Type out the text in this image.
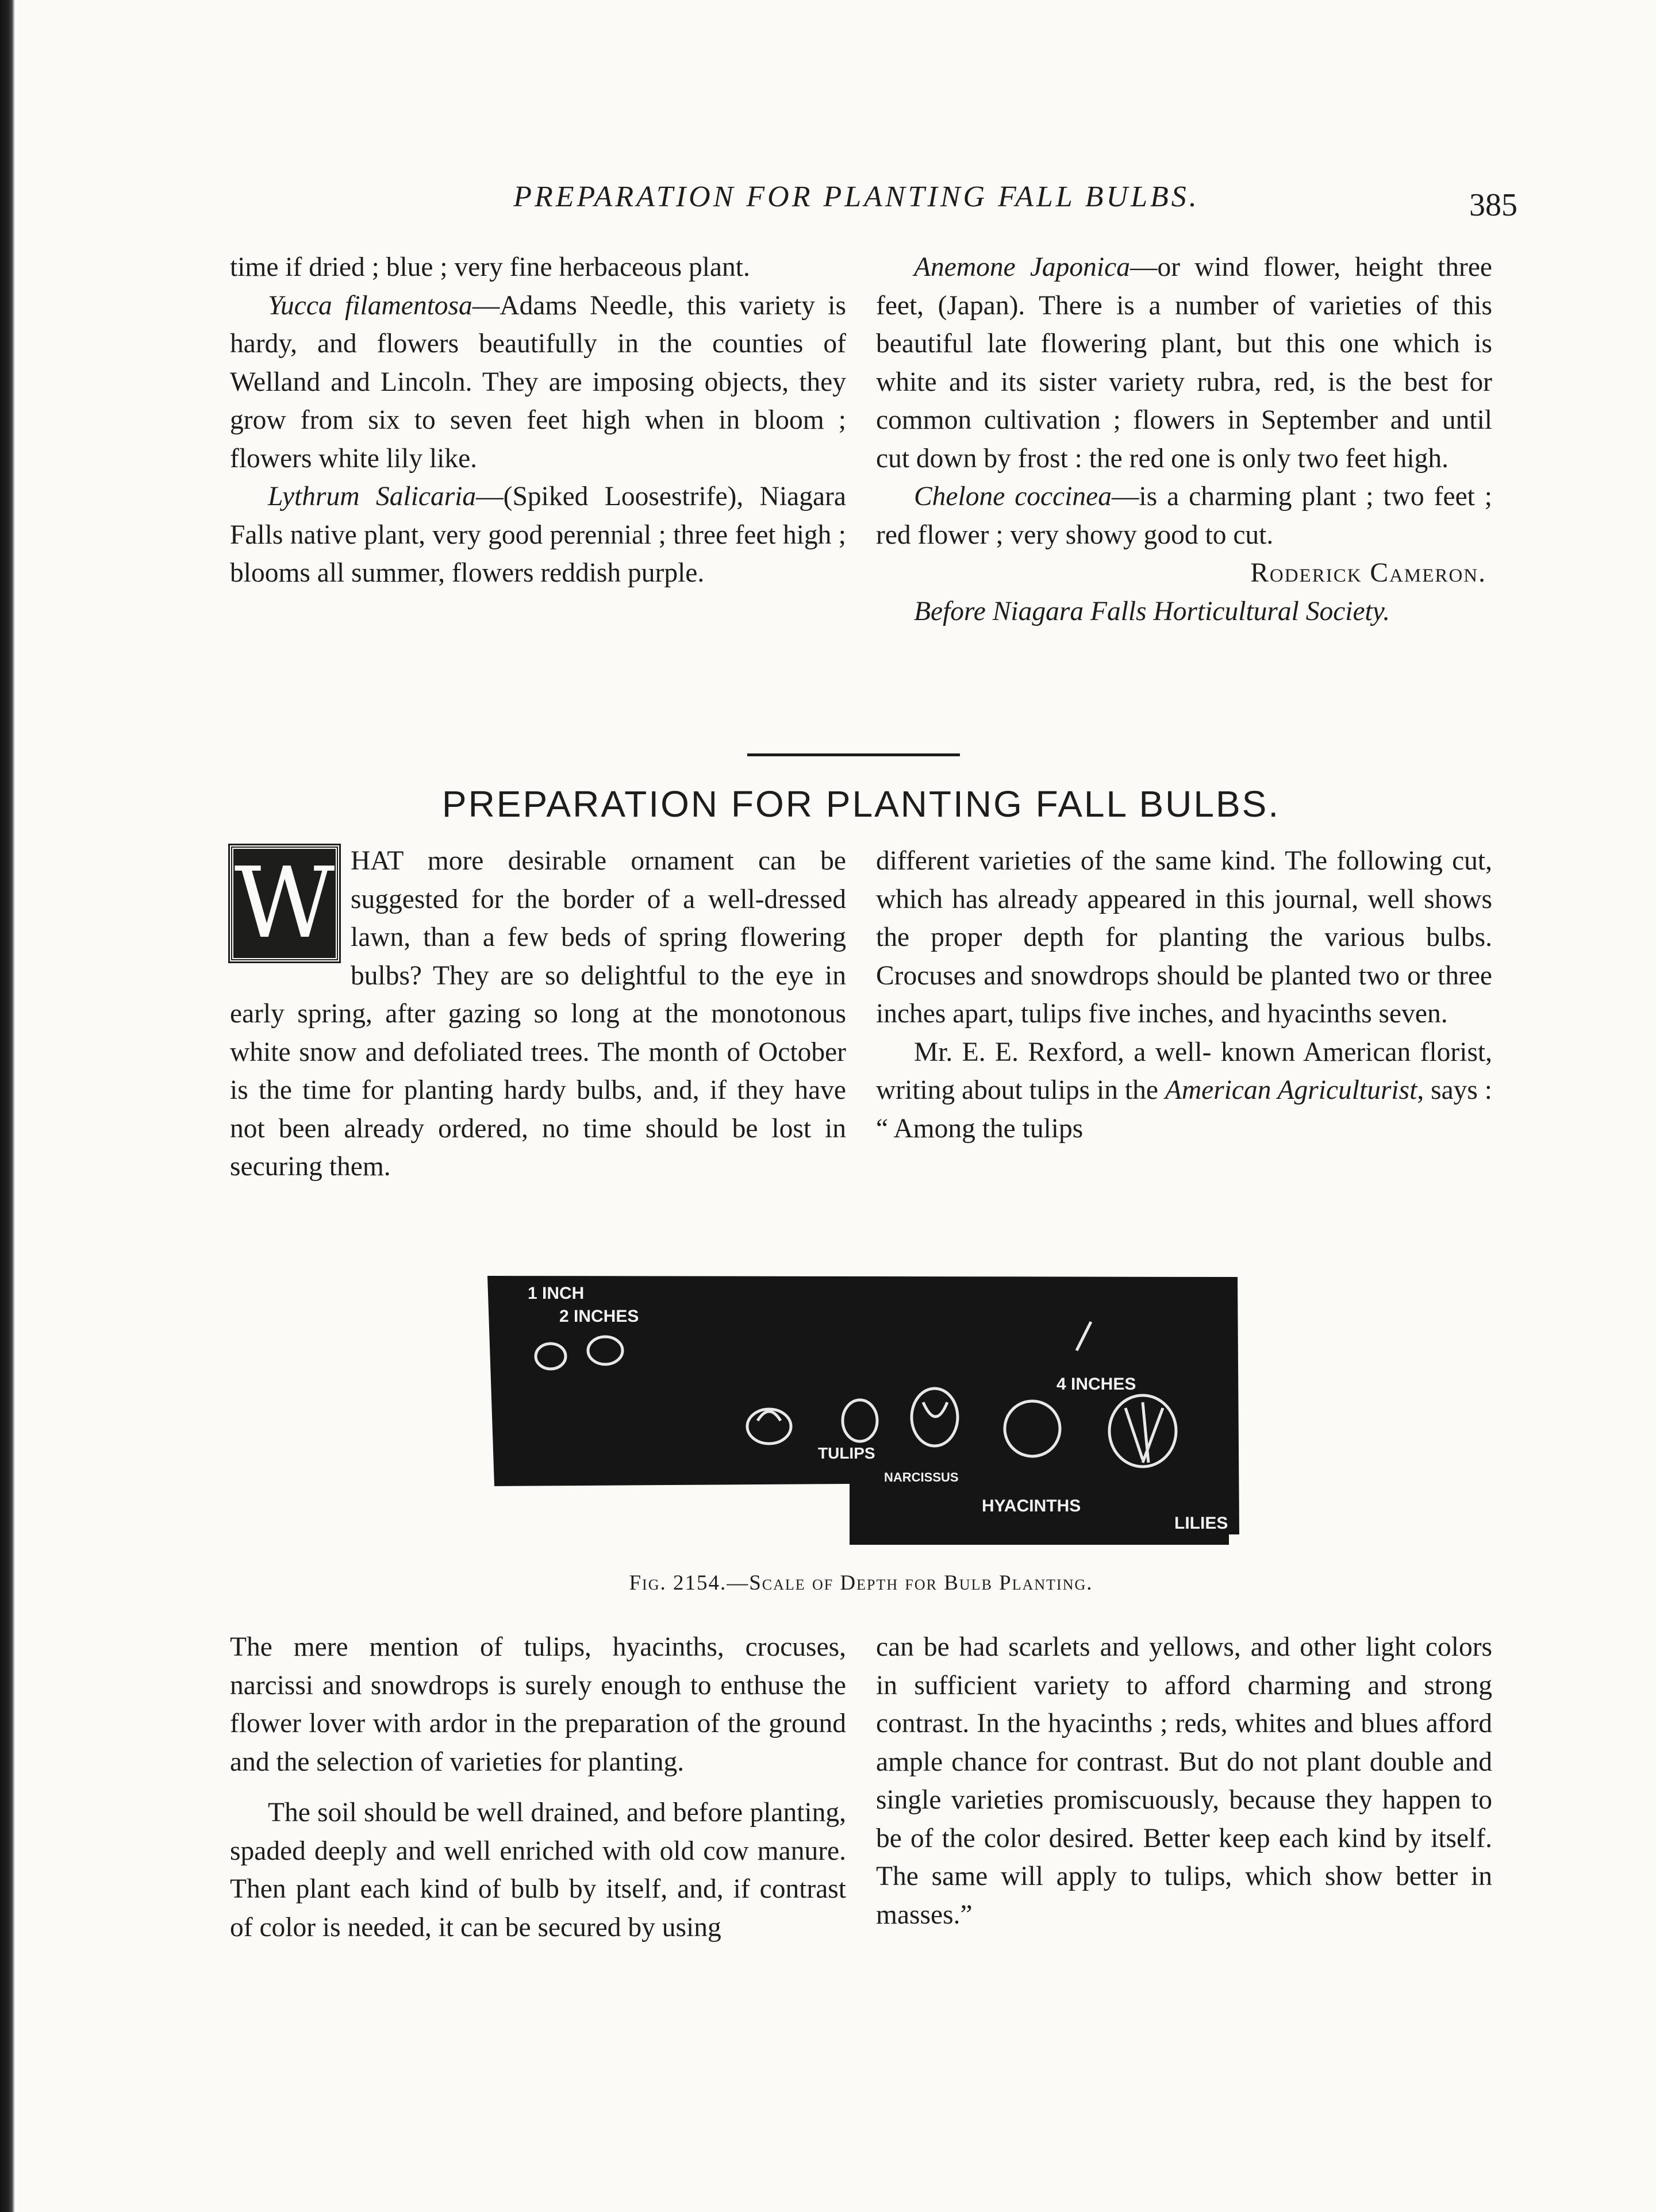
PREPARATION FOR PLANTING FALL BULBS.	385

time if dried ; blue ; very fine herbaceous plant.

Yucca filamentosa—Adams Needle, this variety is hardy, and flowers beautifully in the counties of Welland and Lincoln. They are imposing objects, they grow from six to seven feet high when in bloom ; flowers white lily like.

Lythrum Salicaria—(Spiked Loosestrife), Niagara Falls native plant, very good perennial ; three feet high ; blooms all summer, flowers reddish purple.

Anemone Japonica—or wind flower, height three feet, (Japan). There is a number of varieties of this beautiful late flowering plant, but this one which is white and its sister variety rubra, red, is the best for common cultivation ; flowers in September and until cut down by frost : the red one is only two feet high.

Chelone coccinea—is a charming plant ; two feet ; red flower ; very showy good to cut.

Roderick Cameron.

Before Niagara Falls Horticultural Society.

PREPARATION FOR PLANTING FALL BULBS.

W HAT more desirable ornament can be suggested for the border of a well-dressed lawn, than a few beds of spring flowering bulbs? They are so delightful to the eye in early spring, after gazing so long at the monotonous white snow and defoliated trees. The month of October is the time for planting hardy bulbs, and, if they have not been already ordered, no time should be lost in securing them.

different varieties of the same kind. The following cut, which has already appeared in this journal, well shows the proper depth for planting the various bulbs. Crocuses and snowdrops should be planted two or three inches apart, tulips five inches, and hyacinths seven.

Mr. E. E. Rexford, a well- known American florist, writing about tulips in the American Agriculturist, says : “ Among the tulips

1 INCH
2 INCHES
4 INCHES
TULIPS
NARCISSUS
HYACINTHS
LILIES
Fig. 2154.—Scale of Depth for Bulb Planting.

The mere mention of tulips, hyacinths, crocuses, narcissi and snowdrops is surely enough to enthuse the flower lover with ardor in the preparation of the ground and the selection of varieties for planting.

The soil should be well drained, and before planting, spaded deeply and well enriched with old cow manure. Then plant each kind of bulb by itself, and, if contrast of color is needed, it can be secured by using

can be had scarlets and yellows, and other light colors in sufficient variety to afford charming and strong contrast. In the hyacinths ; reds, whites and blues afford ample chance for contrast. But do not plant double and single varieties promiscuously, because they happen to be of the color desired. Better keep each kind by itself. The same will apply to tulips, which show better in masses.”
